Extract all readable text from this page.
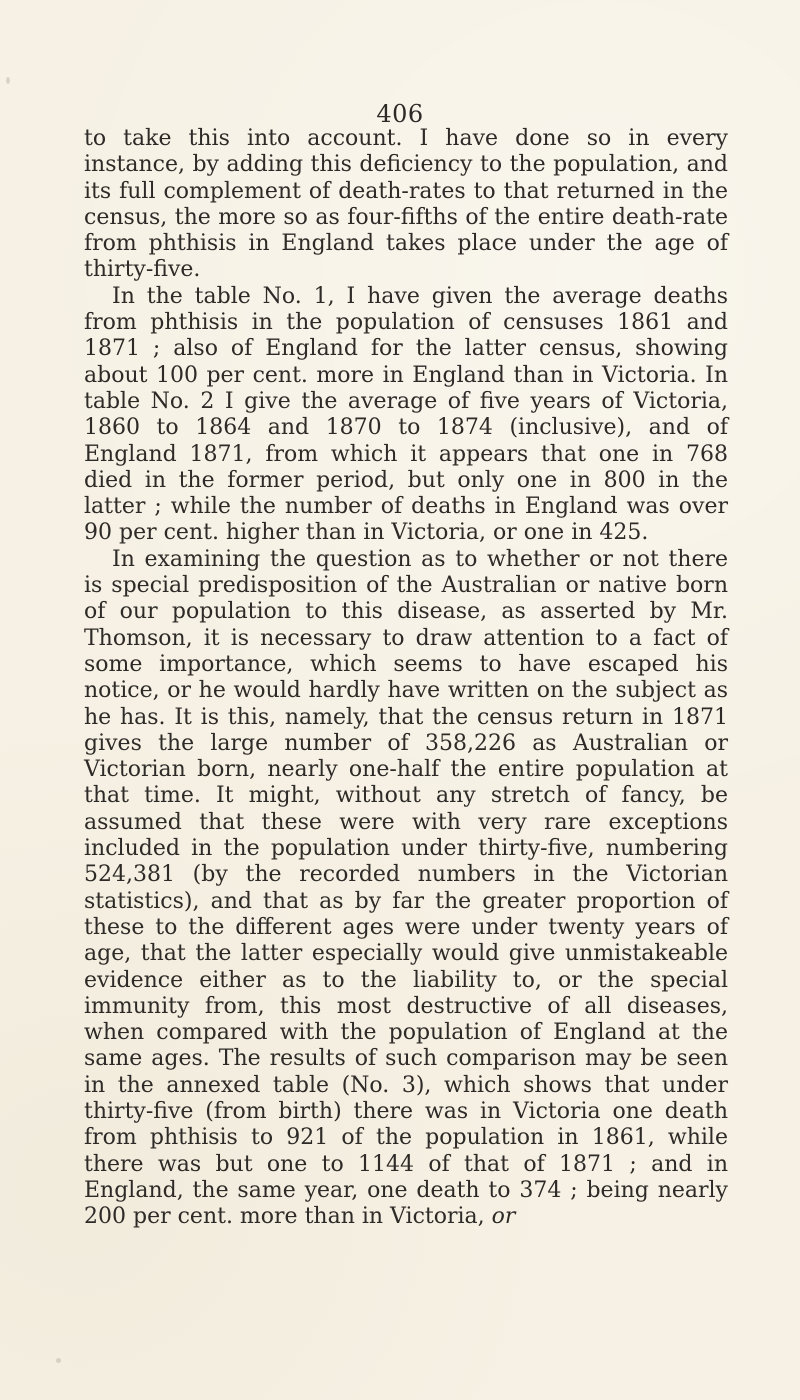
406

to take this into account. I have done so in every instance, by adding this deficiency to the population, and its full complement of death-rates to that returned in the census, the more so as four-fifths of the entire death-rate from phthisis in England takes place under the age of thirty-five.

In the table No. 1, I have given the average deaths from phthisis in the population of censuses 1861 and 1871 ; also of England for the latter census, showing about 100 per cent. more in England than in Victoria. In table No. 2 I give the average of five years of Victoria, 1860 to 1864 and 1870 to 1874 (inclusive), and of England 1871, from which it appears that one in 768 died in the former period, but only one in 800 in the latter ; while the number of deaths in England was over 90 per cent. higher than in Victoria, or one in 425.

In examining the question as to whether or not there is special predisposition of the Australian or native born of our population to this disease, as asserted by Mr. Thomson, it is necessary to draw attention to a fact of some importance, which seems to have escaped his notice, or he would hardly have written on the subject as he has. It is this, namely, that the census return in 1871 gives the large number of 358,226 as Australian or Victorian born, nearly one-half the entire population at that time. It might, without any stretch of fancy, be assumed that these were with very rare exceptions included in the population under thirty-five, numbering 524,381 (by the recorded numbers in the Victorian statistics), and that as by far the greater proportion of these to the different ages were under twenty years of age, that the latter especially would give unmistakeable evidence either as to the liability to, or the special immunity from, this most destructive of all diseases, when compared with the population of England at the same ages. The results of such comparison may be seen in the annexed table (No. 3), which shows that under thirty-five (from birth) there was in Victoria one death from phthisis to 921 of the population in 1861, while there was but one to 1144 of that of 1871 ; and in England, the same year, one death to 374 ; being nearly 200 per cent. more than in Victoria, or
